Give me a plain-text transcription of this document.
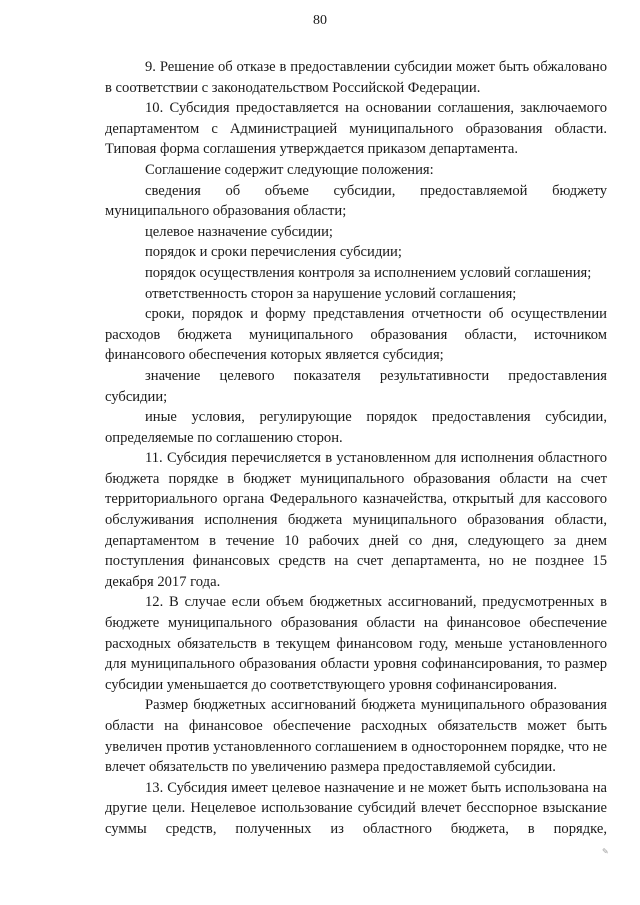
80

9. Решение об отказе в предоставлении субсидии может быть обжаловано в соответствии с законодательством Российской Федерации.

10. Субсидия предоставляется на основании соглашения, заключаемого департаментом с Администрацией муниципального образования области. Типовая форма соглашения утверждается приказом департамента.

Соглашение содержит следующие положения:

сведения об объеме субсидии, предоставляемой бюджету муниципального образования области;

целевое назначение субсидии;

порядок и сроки перечисления субсидии;

порядок осуществления контроля за исполнением условий соглашения;

ответственность сторон за нарушение условий соглашения;

сроки, порядок и форму представления отчетности об осуществлении расходов бюджета муниципального образования области, источником финансового обеспечения которых является субсидия;

значение целевого показателя результативности предоставления субсидии;

иные условия, регулирующие порядок предоставления субсидии, определяемые по соглашению сторон.

11. Субсидия перечисляется в установленном для исполнения областного бюджета порядке в бюджет муниципального образования области на счет территориального органа Федерального казначейства, открытый для кассового обслуживания исполнения бюджета муниципального образования области, департаментом в течение 10 рабочих дней со дня, следующего за днем поступления финансовых средств на счет департамента, но не позднее 15 декабря 2017 года.

12. В случае если объем бюджетных ассигнований, предусмотренных в бюджете муниципального образования области на финансовое обеспечение расходных обязательств в текущем финансовом году, меньше установленного для муниципального образования области уровня софинансирования, то размер субсидии уменьшается до соответствующего уровня софинансирования.

Размер бюджетных ассигнований бюджета муниципального образования области на финансовое обеспечение расходных обязательств может быть увеличен против установленного соглашением в одностороннем порядке, что не влечет обязательств по увеличению размера предоставляемой субсидии.

13. Субсидия имеет целевое назначение и не может быть использована на другие цели. Нецелевое использование субсидий влечет бесспорное взыскание суммы средств, полученных из областного бюджета, в порядке,

✎
